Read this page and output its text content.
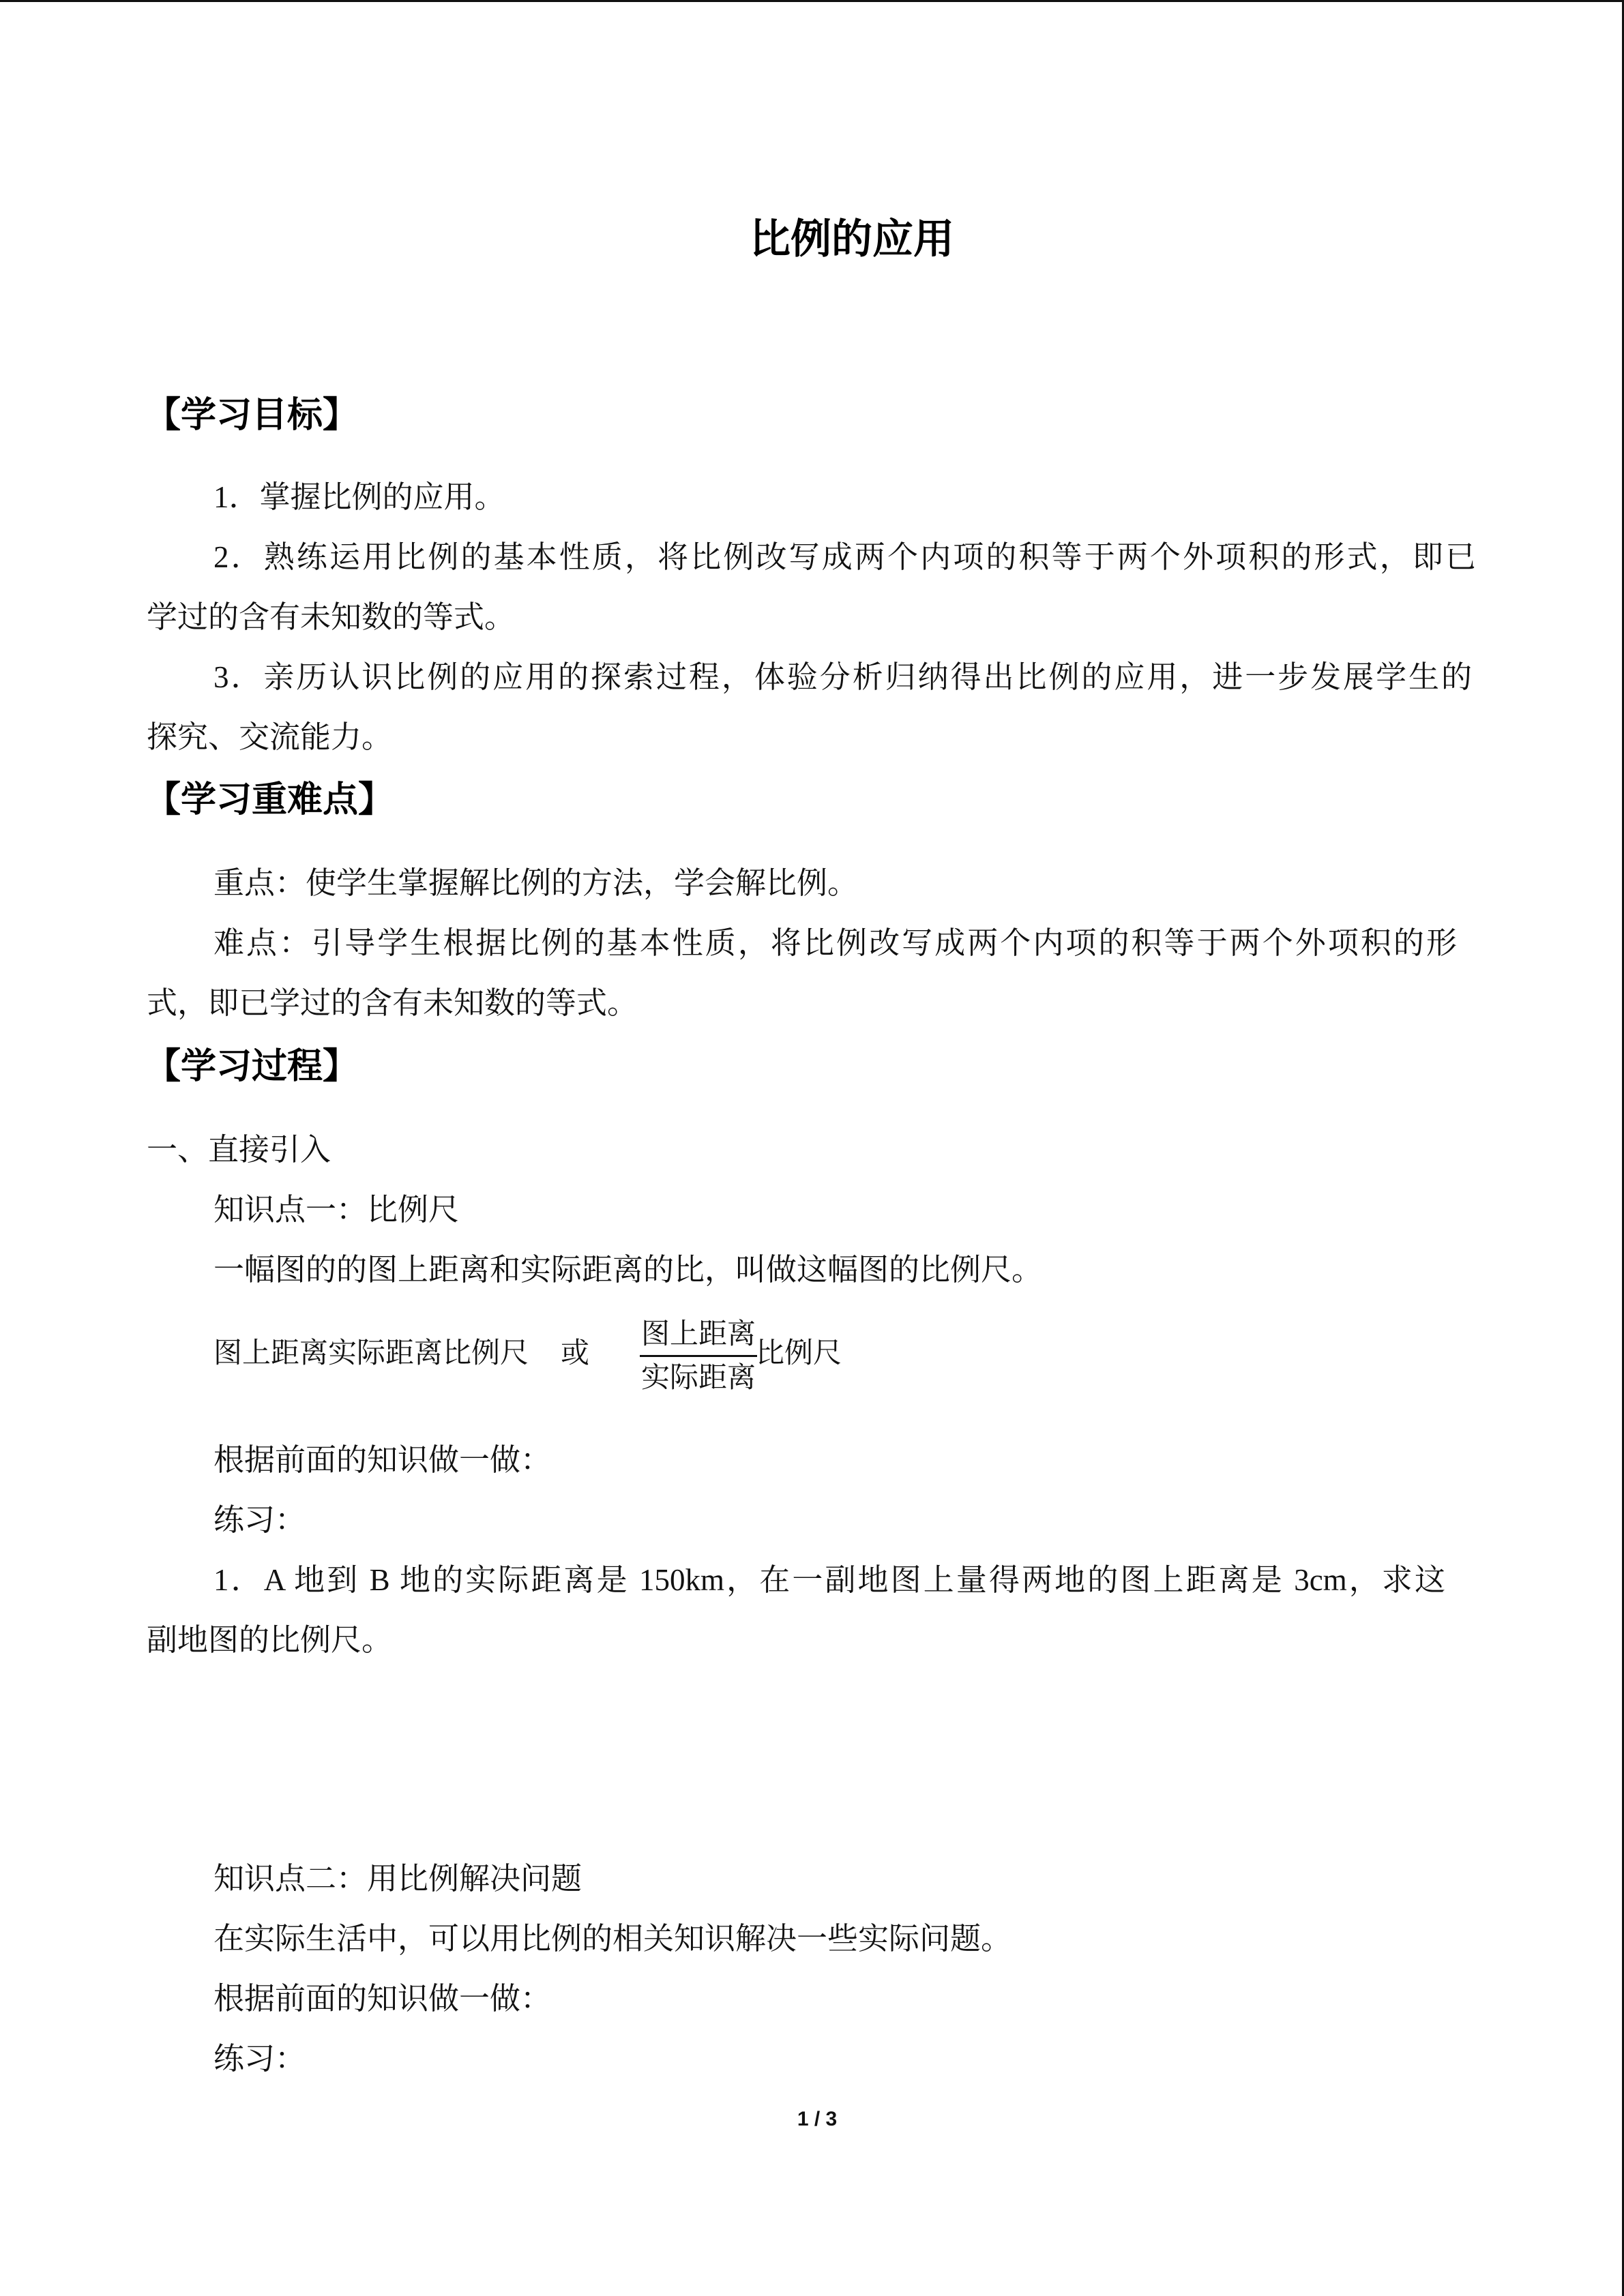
比例的应用
【学习目标】
1．掌握比例的应用。
2．熟练运用比例的基本性质，将比例改写成两个内项的积等于两个外项积的形式，即已
学过的含有未知数的等式。
3．亲历认识比例的应用的探索过程，体验分析归纳得出比例的应用，进一步发展学生的
探究、交流能力。
【学习重难点】
重点：使学生掌握解比例的方法，学会解比例。
难点：引导学生根据比例的基本性质，将比例改写成两个内项的积等于两个外项积的形
式，即已学过的含有未知数的等式。
【学习过程】
一、直接引入
知识点一：比例尺
一幅图的的图上距离和实际距离的比，叫做这幅图的比例尺。
图上距离实际距离比例尺 或
图上距离
实际距离
比例尺
根据前面的知识做一做：
练习：
1．A 地到 B 地的实际距离是 150km，在一副地图上量得两地的图上距离是 3cm，求这
副地图的比例尺。
知识点二：用比例解决问题
在实际生活中，可以用比例的相关知识解决一些实际问题。
根据前面的知识做一做：
练习：
1 / 3
